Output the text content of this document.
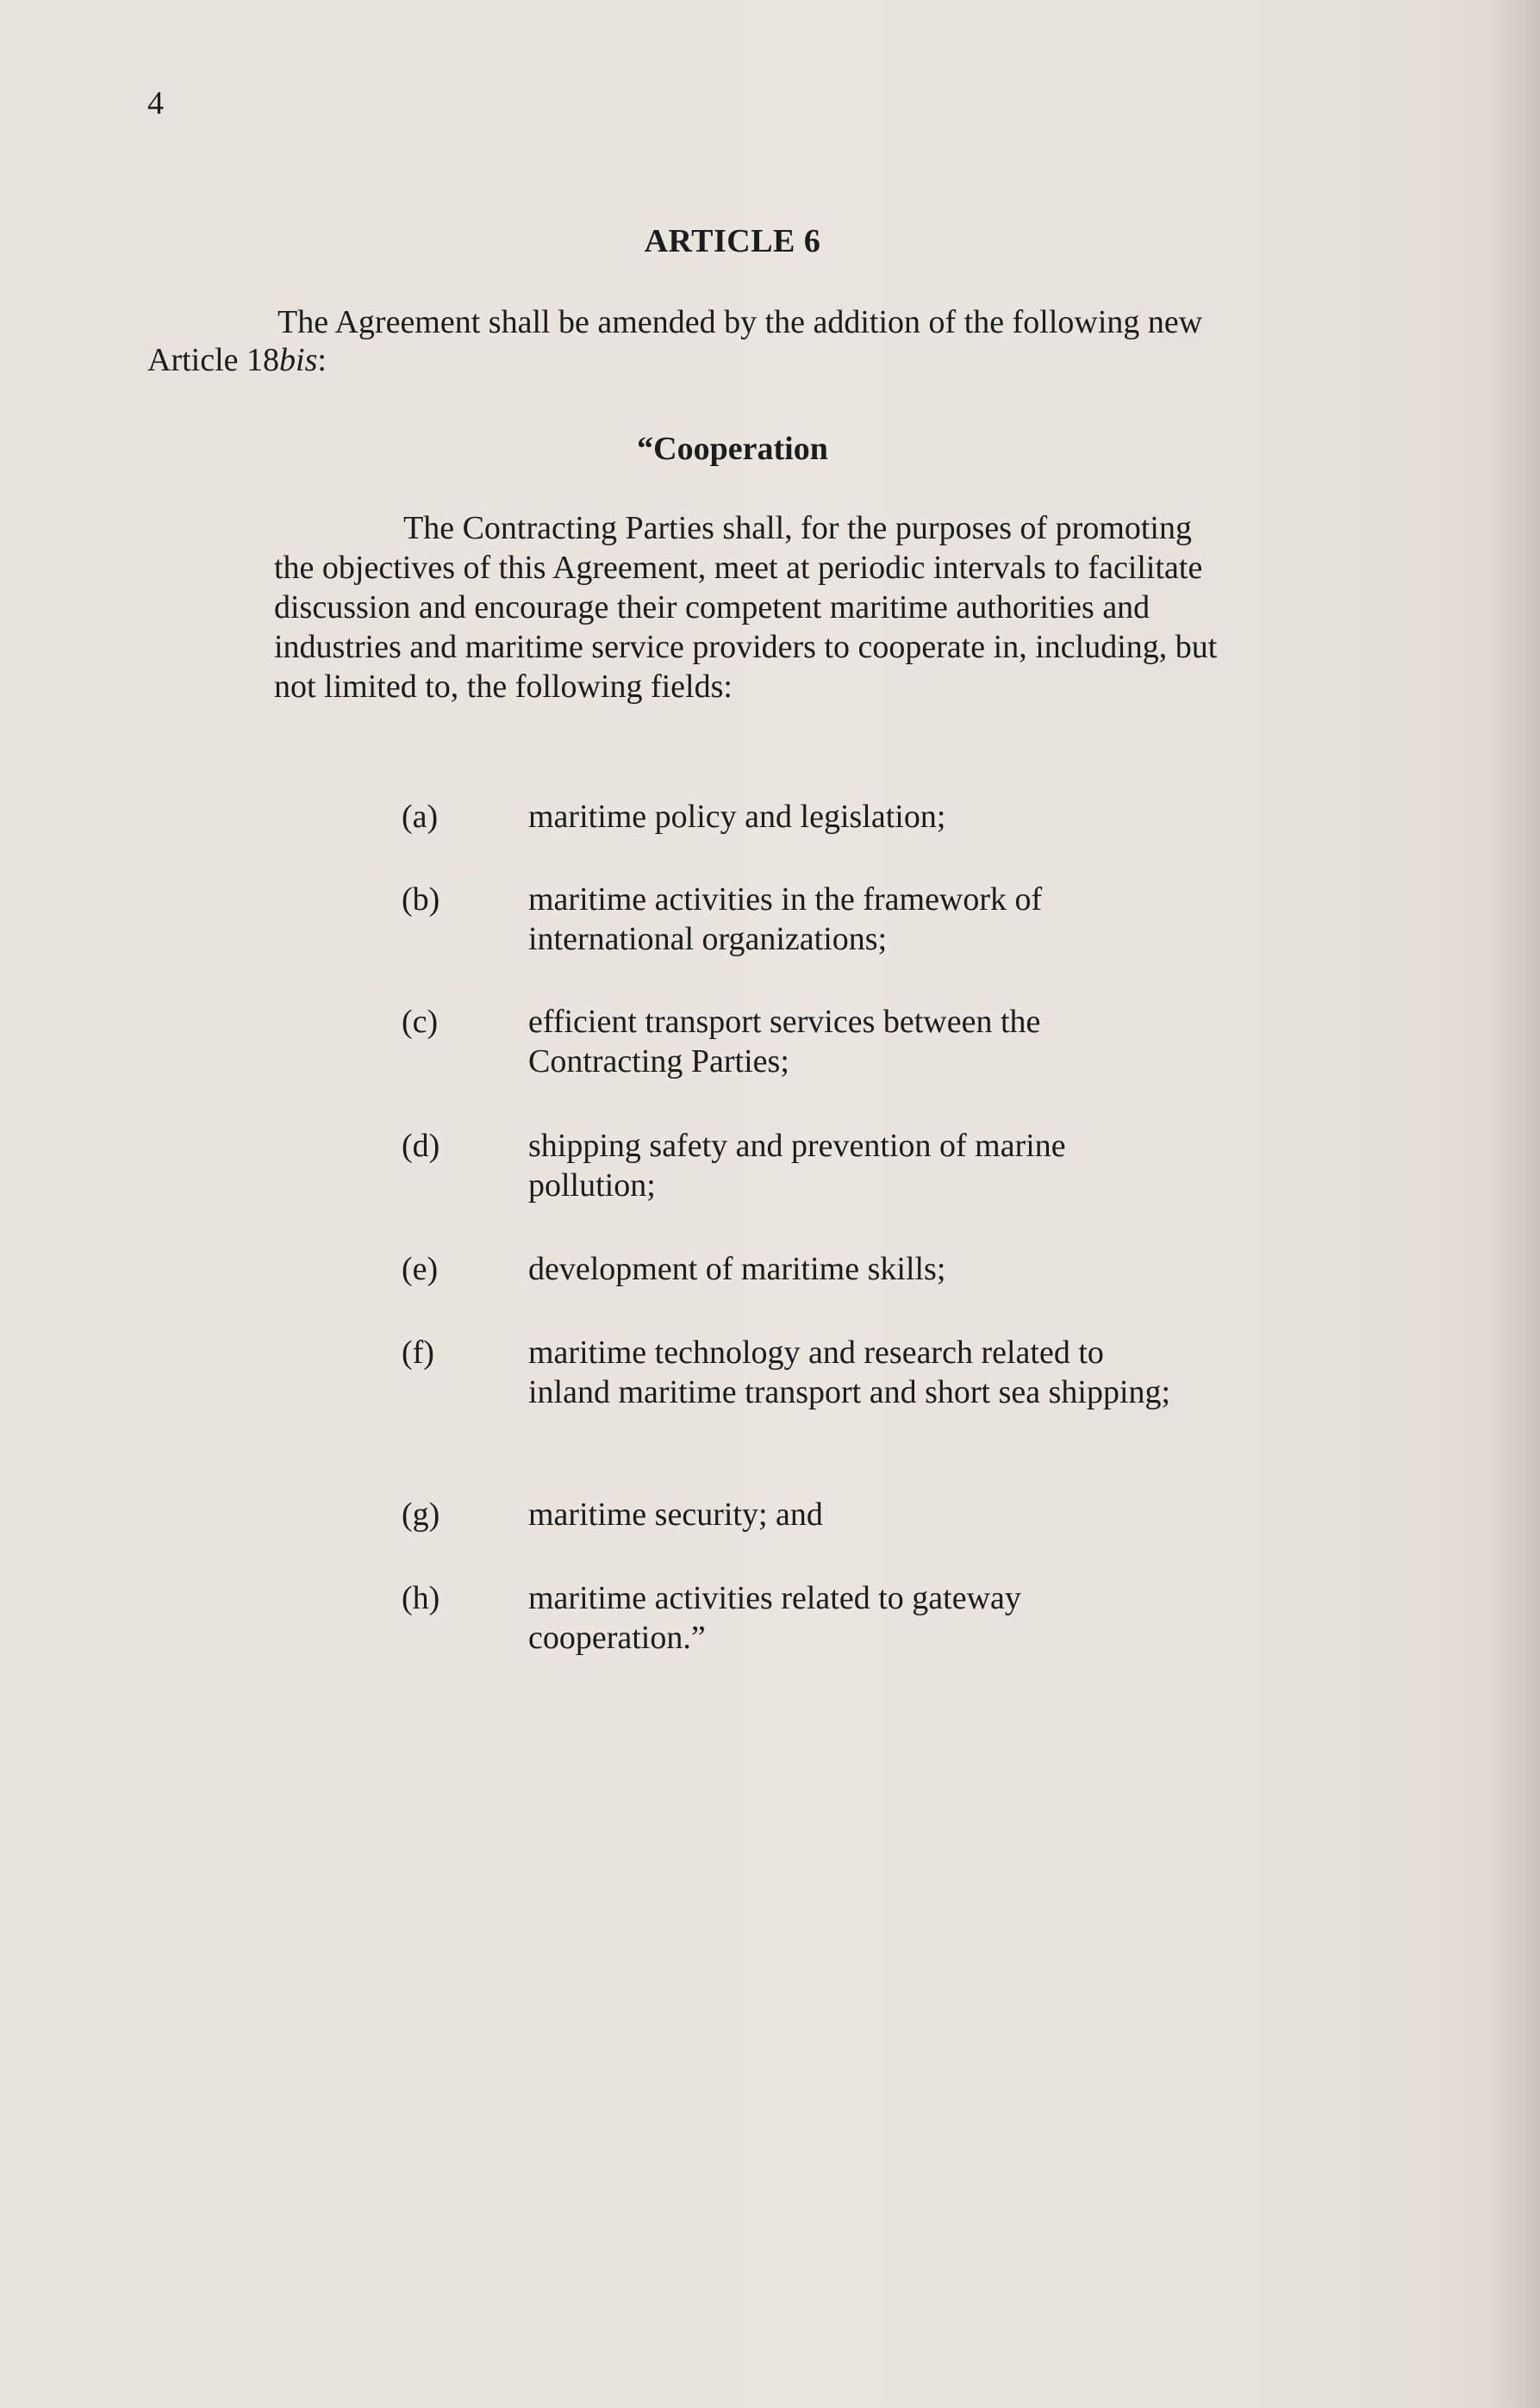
4
ARTICLE 6
The Agreement shall be amended by the addition of the following new
Article 18bis:
“Cooperation
The Contracting Parties shall, for the purposes of promoting the objectives of this Agreement, meet at periodic intervals to facilitate discussion and encourage their competent maritime authorities and industries and maritime service providers to cooperate in, including, but not limited to, the following fields:
(a)	maritime policy and legislation;
(b)	maritime activities in the framework of international organizations;
(c)	efficient transport services between the Contracting Parties;
(d)	shipping safety and prevention of marine pollution;
(e)	development of maritime skills;
(f)	maritime technology and research related to inland maritime transport and short sea shipping;
(g)	maritime security; and
(h)	maritime activities related to gateway cooperation.”
